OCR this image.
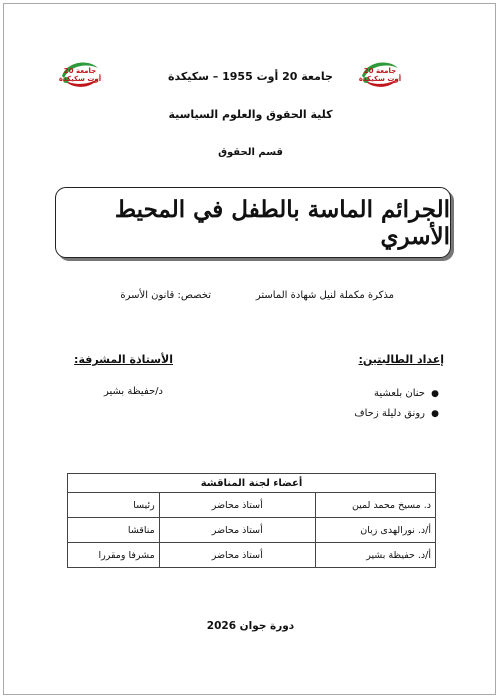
جامعة 20 أوت سكيكدة
جامعة 20 أوت سكيكدة
جامعة 20 أوت 1955 – سكيكدة
كلية الحقوق والعلوم السياسية
قسم الحقوق
الجرائم الماسة بالطفل في المحيط الأسري
مذكرة مكملة لنيل شهادة الماستر
تخصص: قانون الأسرة
إعداد الطالبتين:
الأستاذة المشرفة:
●
حنان بلعشية
●
رونق دليلة زحاف
د/حفيظة بشير
أعضاء لجنة المناقشة		
د. مسيخ محمد لمين	أستاذ محاضر	رئيسا
أ/د. نورالهدى زبان	أستاذ محاضر	مناقشا
أ/د. حفيظة بشير	أستاذ محاضر	مشرفا ومقررا
دورة جوان 2026
